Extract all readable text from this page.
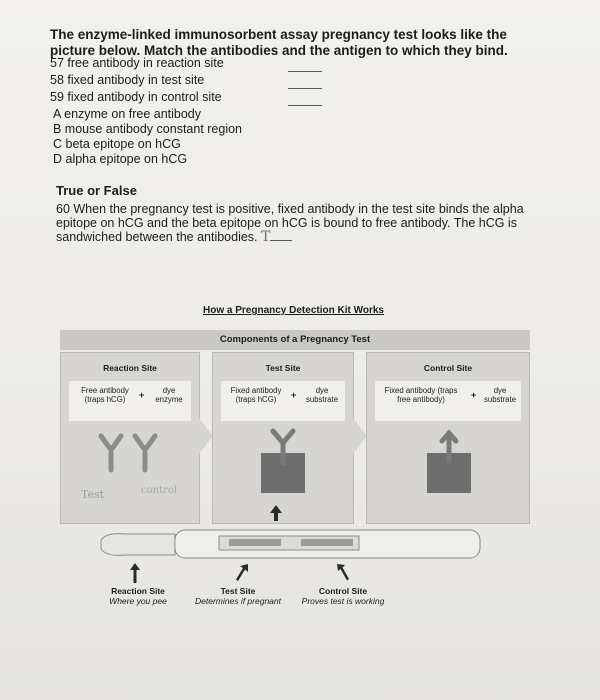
The enzyme-linked immunosorbent assay pregnancy test looks like the picture below. Match the antibodies and the antigen to which they bind.
57 free antibody in reaction site
58 fixed antibody in test site
59 fixed antibody in control site
A enzyme on free antibody
B mouse antibody constant region
C beta epitope on hCG
D alpha epitope on hCG
True or False
60 When the pregnancy test is positive, fixed antibody in the test site binds the alpha epitope on hCG and the beta epitope on hCG is bound to free antibody. The hCG is sandwiched between the antibodies. T
How a Pregnancy Detection Kit Works
Components of a Pregnancy Test
Reaction Site
Free antibody (traps hCG)	+	dye enzyme
Test	control
Test Site
Fixed antibody (traps hCG)	+	dye substrate
Control Site
Fixed antibody (traps free antibody)	+	dye substrate
Reaction Site
Where you pee
Test Site
Determines if pregnant
Control Site
Proves test is working
